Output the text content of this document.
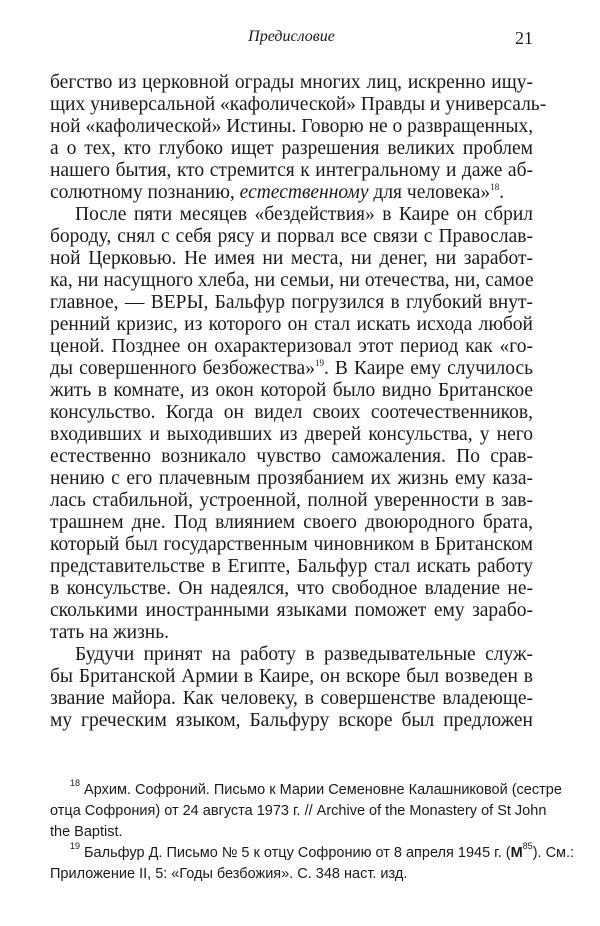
Предисловие	21
бегство из церковной ограды многих лиц, искренно ищу-
щих универсальной «кафолической» Правды и универсаль-
ной «кафолической» Истины. Говорю не о развращенных,
а о тех, кто глубоко ищет разрешения великих проблем
нашего бытия, кто стремится к интегральному и даже аб-
солютному познанию, естественному для человека»$^{18}$.
После пяти месяцев «бездействия» в Каире он сбрил
бороду, снял с себя рясу и порвал все связи с Православ-
ной Церковью. Не имея ни места, ни денег, ни заработ-
ка, ни насущного хлеба, ни семьи, ни отечества, ни, самое
главное, — ВЕРЫ, Бальфур погрузился в глубокий внут-
ренний кризис, из которого он стал искать исхода любой
ценой. Позднее он охарактеризовал этот период как «го-
ды совершенного безбожества»$^{19}$. В Каире ему случилось
жить в комнате, из окон которой было видно Британское
консульство. Когда он видел своих соотечественников,
входивших и выходивших из дверей консульства, у него
естественно возникало чувство саможаления. По срав-
нению с его плачевным прозябанием их жизнь ему каза-
лась стабильной, устроенной, полной уверенности в зав-
трашнем дне. Под влиянием своего двоюродного брата,
который был государственным чиновником в Британском
представительстве в Египте, Бальфур стал искать работу
в консульстве. Он надеялся, что свободное владение не-
сколькими иностранными языками поможет ему зарабо-
тать на жизнь.
Будучи принят на работу в разведывательные служ-
бы Британской Армии в Каире, он вскоре был возведен в
звание майора. Как человеку, в совершенстве владеюще-
му греческим языком, Бальфуру вскоре был предложен
$^{18}$ Архим. Софроний. Письмо к Марии Семеновне Калашниковой (сестре
отца Софрония) от 24 августа 1973 г. // Archive of the Monastery of St John
the Baptist.
$^{19}$ Бальфур Д. Письмо № 5 к отцу Софронию от 8 апреля 1945 г. $(M^{85})$. См.:
Приложение II, 5: «Годы безбожия». С. 348 наст. изд.
